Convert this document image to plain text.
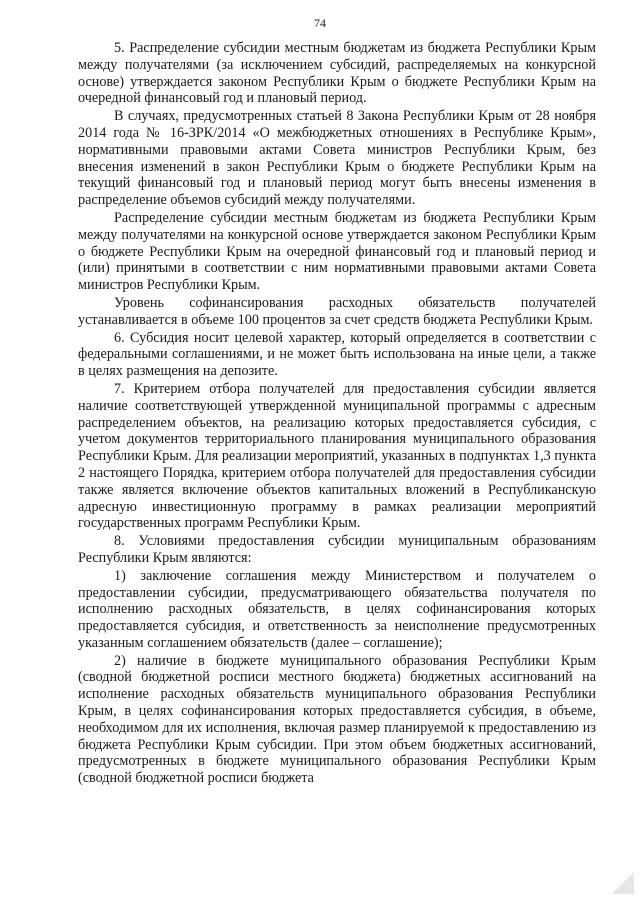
74

5. Распределение субсидии местным бюджетам из бюджета Республики Крым между получателями (за исключением субсидий, распределяемых на конкурсной основе) утверждается законом Республики Крым о бюджете Республики Крым на очередной финансовый год и плановый период.

В случаях, предусмотренных статьей 8 Закона Республики Крым от 28 ноября 2014 года № 16-ЗРК/2014 «О межбюджетных отношениях в Республике Крым», нормативными правовыми актами Совета министров Республики Крым, без внесения изменений в закон Республики Крым о бюджете Республики Крым на текущий финансовый год и плановый период могут быть внесены изменения в распределение объемов субсидий между получателями.

Распределение субсидии местным бюджетам из бюджета Республики Крым между получателями на конкурсной основе утверждается законом Республики Крым о бюджете Республики Крым на очередной финансовый год и плановый период и (или) принятыми в соответствии с ним нормативными правовыми актами Совета министров Республики Крым.

Уровень софинансирования расходных обязательств получателей устанавливается в объеме 100 процентов за счет средств бюджета Республики Крым.

6. Субсидия носит целевой характер, который определяется в соответствии с федеральными соглашениями, и не может быть использована на иные цели, а также в целях размещения на депозите.

7. Критерием отбора получателей для предоставления субсидии является наличие соответствующей утвержденной муниципальной программы с адресным распределением объектов, на реализацию которых предоставляется субсидия, с учетом документов территориального планирования муниципального образования Республики Крым. Для реализации мероприятий, указанных в подпунктах 1,3 пункта 2 настоящего Порядка, критерием отбора получателей для предоставления субсидии также является включение объектов капитальных вложений в Республиканскую адресную инвестиционную программу в рамках реализации мероприятий государственных программ Республики Крым.

8. Условиями предоставления субсидии муниципальным образованиям Республики Крым являются:

1) заключение соглашения между Министерством и получателем о предоставлении субсидии, предусматривающего обязательства получателя по исполнению расходных обязательств, в целях софинансирования которых предоставляется субсидия, и ответственность за неисполнение предусмотренных указанным соглашением обязательств (далее – соглашение);

2) наличие в бюджете муниципального образования Республики Крым (сводной бюджетной росписи местного бюджета) бюджетных ассигнований на исполнение расходных обязательств муниципального образования Республики Крым, в целях софинансирования которых предоставляется субсидия, в объеме, необходимом для их исполнения, включая размер планируемой к предоставлению из бюджета Республики Крым субсидии. При этом объем бюджетных ассигнований, предусмотренных в бюджете муниципального образования Республики Крым (сводной бюджетной росписи бюджета
